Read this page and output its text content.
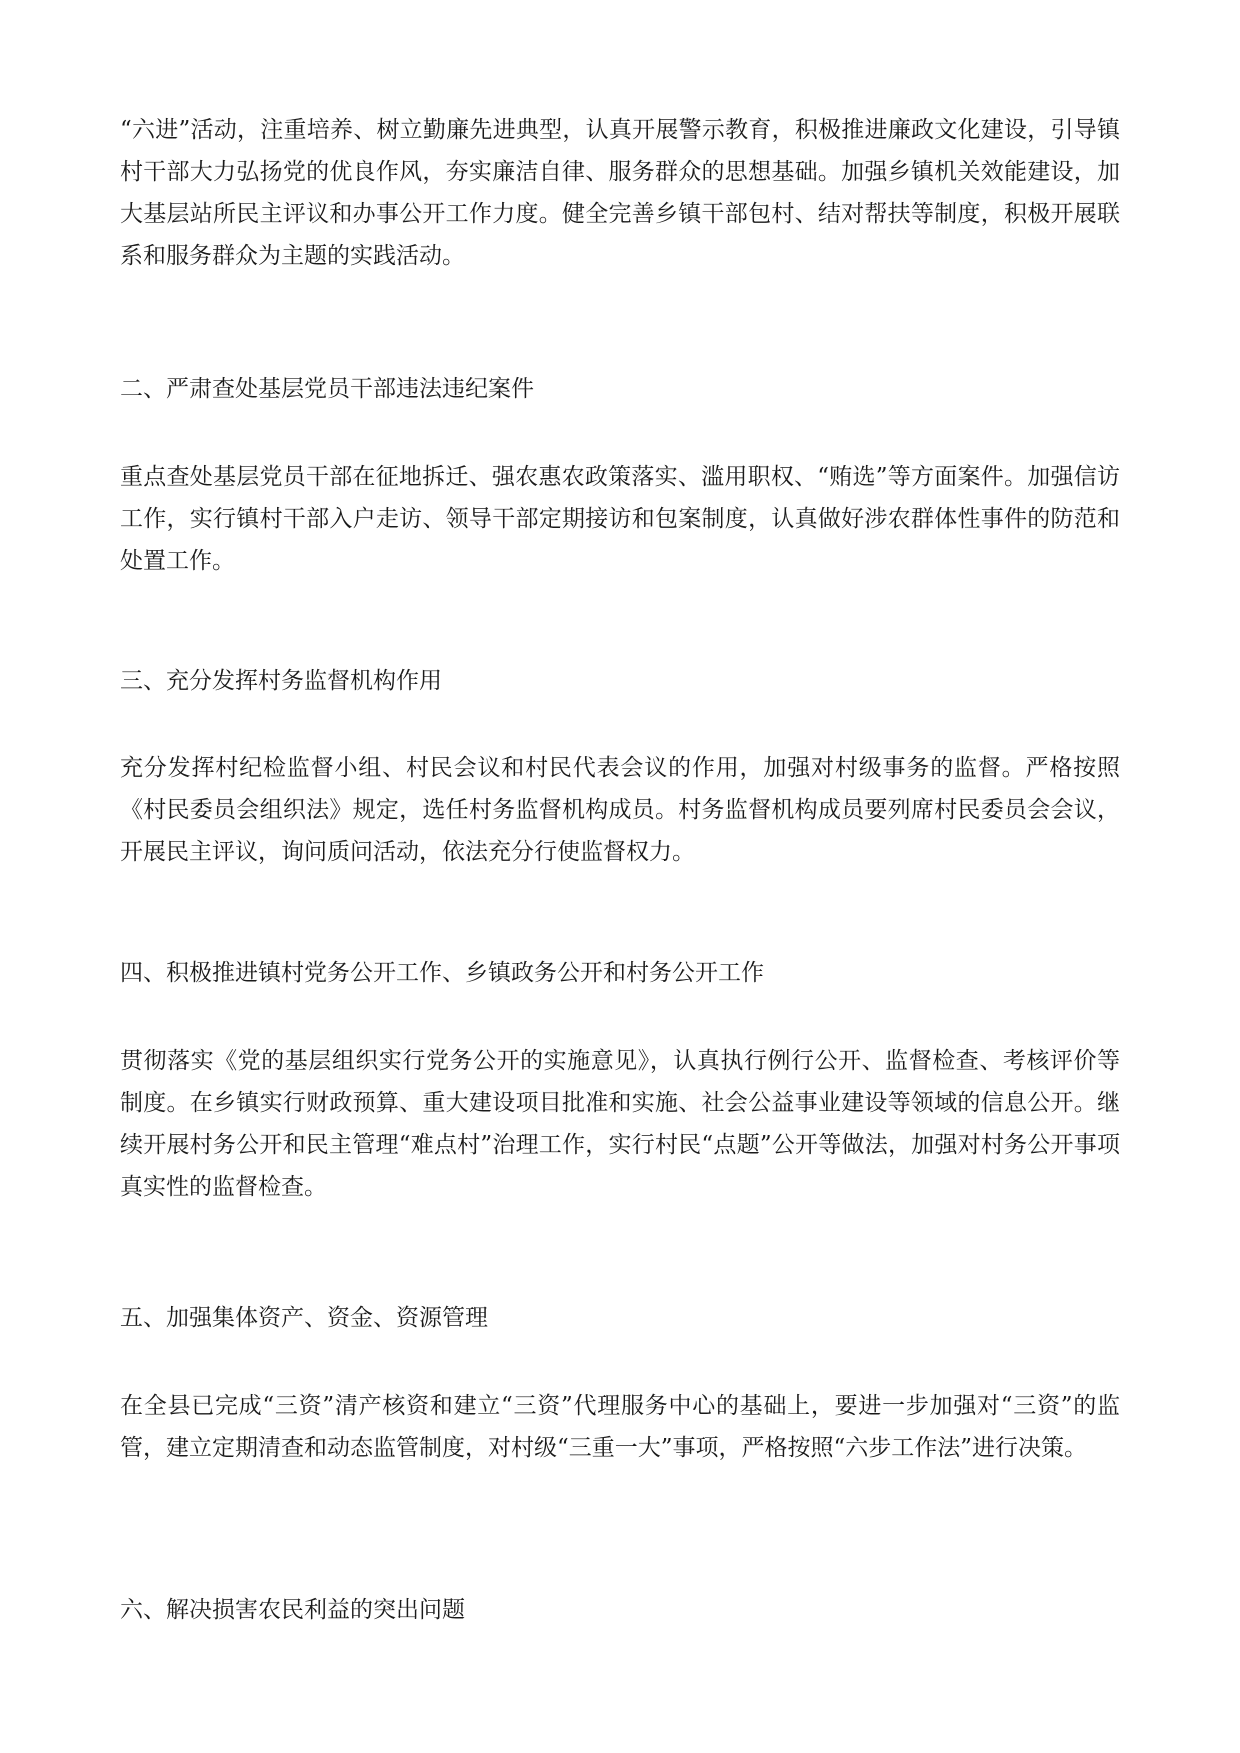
“六进”活动，注重培养、树立勤廉先进典型，认真开展警示教育，积极推进廉政文化建设，引导镇村干部大力弘扬党的优良作风，夯实廉洁自律、服务群众的思想基础。加强乡镇机关效能建设，加大基层站所民主评议和办事公开工作力度。健全完善乡镇干部包村、结对帮扶等制度，积极开展联系和服务群众为主题的实践活动。

二、严肃查处基层党员干部违法违纪案件

重点查处基层党员干部在征地拆迁、强农惠农政策落实、滥用职权、“贿选”等方面案件。加强信访工作，实行镇村干部入户走访、领导干部定期接访和包案制度，认真做好涉农群体性事件的防范和处置工作。

三、充分发挥村务监督机构作用

充分发挥村纪检监督小组、村民会议和村民代表会议的作用，加强对村级事务的监督。严格按照《村民委员会组织法》规定，选任村务监督机构成员。村务监督机构成员要列席村民委员会会议，开展民主评议，询问质问活动，依法充分行使监督权力。

四、积极推进镇村党务公开工作、乡镇政务公开和村务公开工作

贯彻落实《党的基层组织实行党务公开的实施意见》，认真执行例行公开、监督检查、考核评价等制度。在乡镇实行财政预算、重大建设项目批准和实施、社会公益事业建设等领域的信息公开。继续开展村务公开和民主管理“难点村”治理工作，实行村民“点题”公开等做法，加强对村务公开事项真实性的监督检查。

五、加强集体资产、资金、资源管理

在全县已完成“三资”清产核资和建立“三资”代理服务中心的基础上，要进一步加强对“三资”的监管，建立定期清查和动态监管制度，对村级“三重一大”事项，严格按照“六步工作法”进行决策。

六、解决损害农民利益的突出问题
